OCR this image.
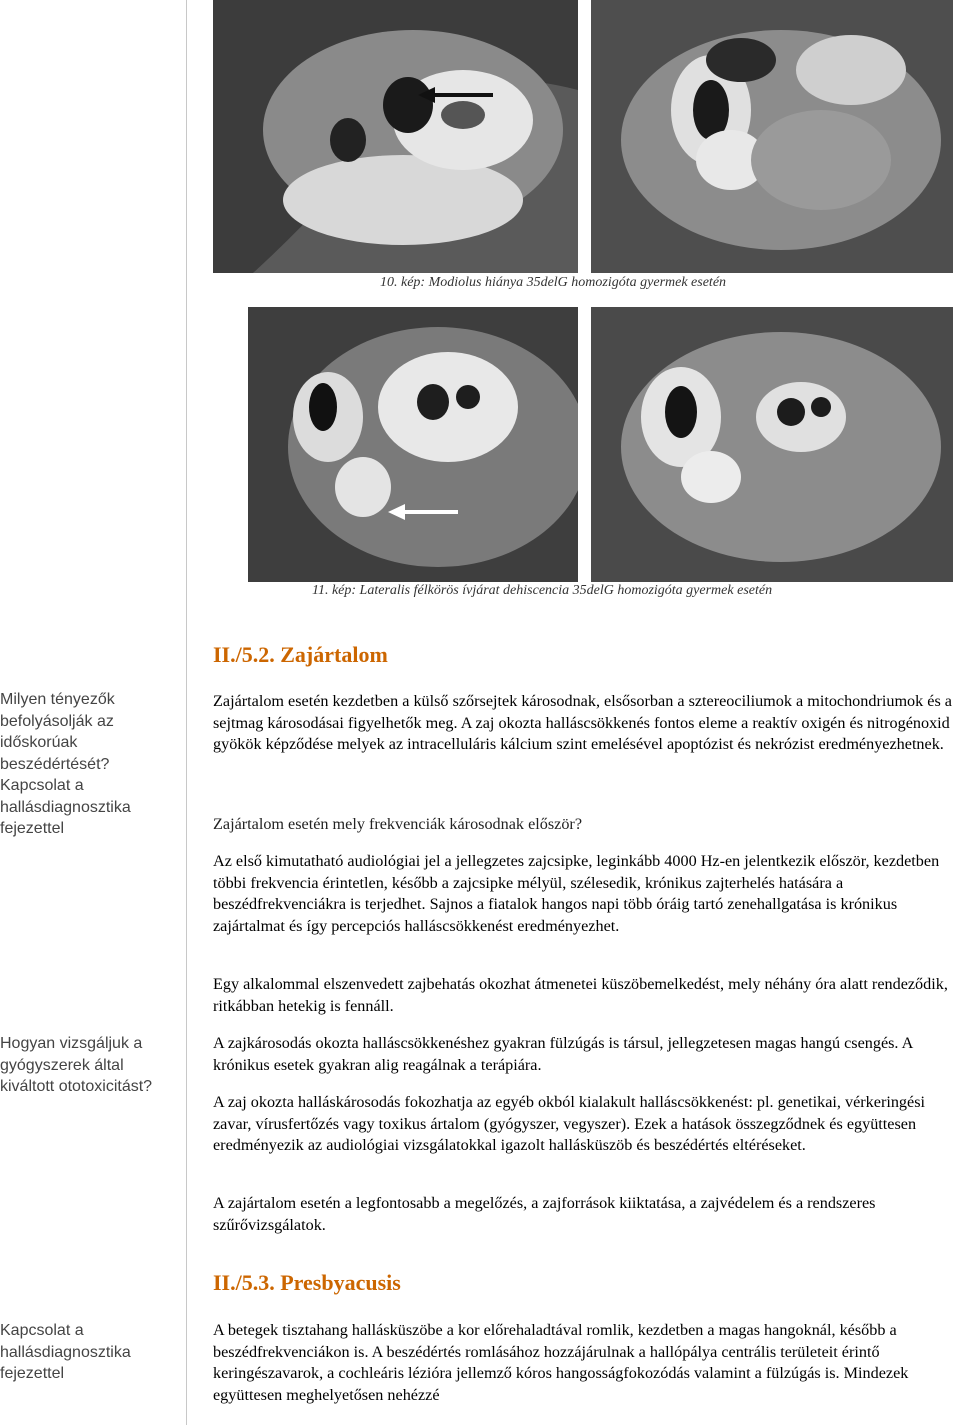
10. kép: Modiolus hiánya 35delG homozigóta gyermek esetén
11. kép: Lateralis félkörös ívjárat dehiscencia 35delG homozigóta gyermek esetén
Milyen tényezők befolyásolják az időskorúak beszédértését?
Kapcsolat a hallásdiagnosztika fejezettel
Hogyan vizsgáljuk a gyógyszerek által kiváltott ototoxicitást?
Kapcsolat a hallásdiagnosztika fejezettel
II./5.2. Zajártalom
Zajártalom esetén kezdetben a külső szőrsejtek károsodnak, elsősorban a sztereociliumok a mitochondriumok és a sejtmag károsodásai figyelhetők meg. A zaj okozta halláscsökkenés fontos eleme a reaktív oxigén és nitrogénoxid gyökök képződése melyek az intracelluláris kálcium szint emelésével apoptózist és nekrózist eredményezhetnek.
Zajártalom esetén mely frekvenciák károsodnak először?
Az első kimutatható audiológiai jel a jellegzetes zajcsipke, leginkább 4000 Hz-en jelentkezik először, kezdetben többi frekvencia érintetlen, később a zajcsipke mélyül, szélesedik, krónikus zajterhelés hatására a beszédfrekvenciákra is terjedhet. Sajnos a fiatalok hangos napi több óráig tartó zenehallgatása is krónikus zajártalmat és így percepciós halláscsökkenést eredményezhet.
Egy alkalommal elszenvedett zajbehatás okozhat átmenetei küszöbemelkedést, mely néhány óra alatt rendeződik, ritkábban hetekig is fennáll.
A zajkárosodás okozta halláscsökkenéshez gyakran fülzúgás is társul, jellegzetesen magas hangú csengés. A krónikus esetek gyakran alig reagálnak a terápiára.
A zaj okozta halláskárosodás fokozhatja az egyéb okból kialakult halláscsökkenést: pl. genetikai, vérkeringési zavar, vírusfertőzés vagy toxikus ártalom (gyógyszer, vegyszer). Ezek a hatások összegződnek és együttesen eredményezik az audiológiai vizsgálatokkal igazolt hallásküszöb és beszédértés eltéréseket.
A zajártalom esetén a legfontosabb a megelőzés, a zajforrások kiiktatása, a zajvédelem és a rendszeres szűrővizsgálatok.
II./5.3. Presbyacusis
A betegek tisztahang hallásküszöbe a kor előrehaladtával romlik, kezdetben a magas hangoknál, később a beszédfrekvenciákon is. A beszédértés romlásához hozzájárulnak a hallópálya centrális területeit érintő keringészavarok, a cochleáris lézióra jellemző kóros hangosságfokozódás valamint a fülzúgás is. Mindezek együttesen meghelyetősen nehézzé
